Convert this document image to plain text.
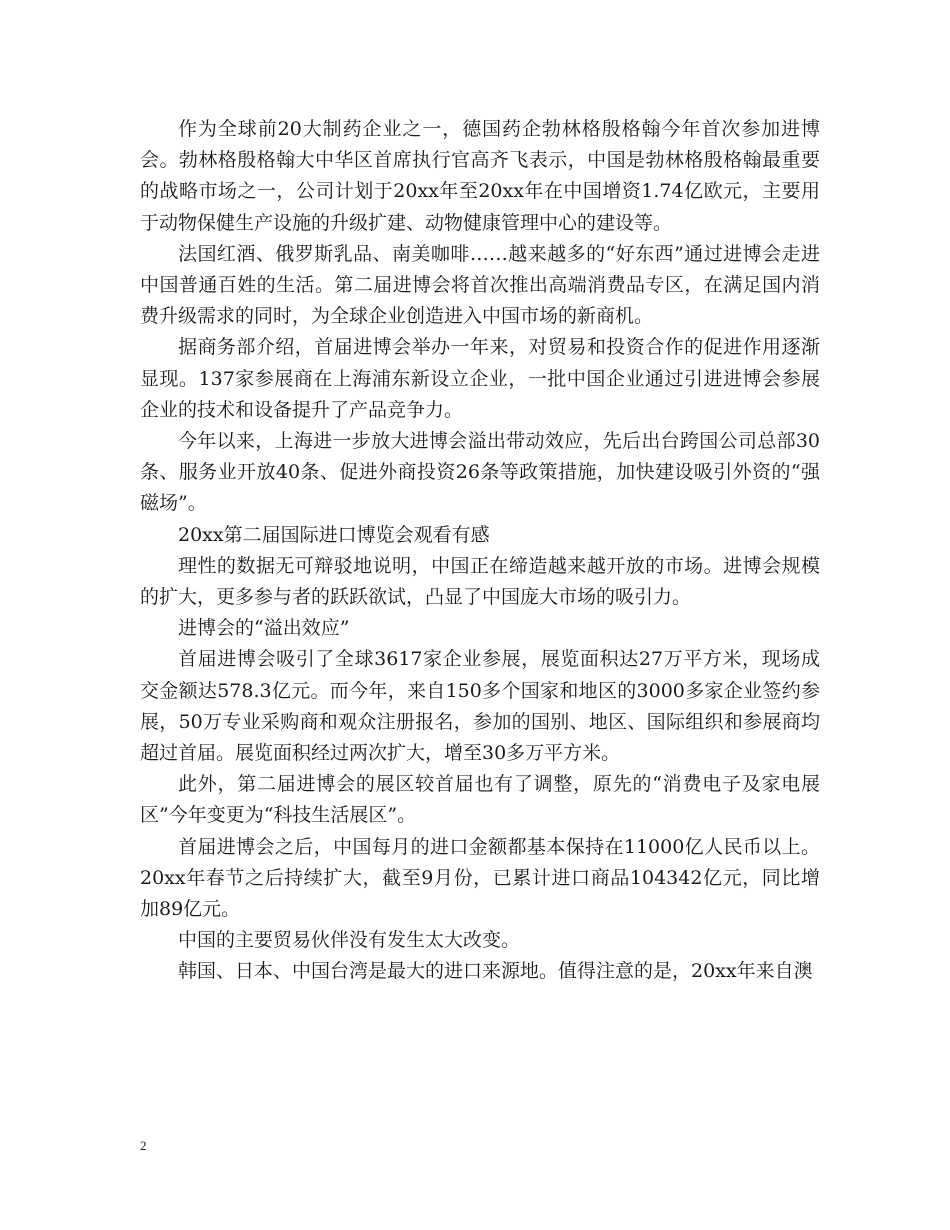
作为全球前20大制药企业之一，德国药企勃林格殷格翰今年首次参加进博会。勃林格殷格翰大中华区首席执行官高齐飞表示，中国是勃林格殷格翰最重要的战略市场之一，公司计划于20xx年至20xx年在中国增资1.74亿欧元，主要用于动物保健生产设施的升级扩建、动物健康管理中心的建设等。

法国红酒、俄罗斯乳品、南美咖啡……越来越多的“好东西”通过进博会走进中国普通百姓的生活。第二届进博会将首次推出高端消费品专区，在满足国内消费升级需求的同时，为全球企业创造进入中国市场的新商机。

据商务部介绍，首届进博会举办一年来，对贸易和投资合作的促进作用逐渐显现。137家参展商在上海浦东新设立企业，一批中国企业通过引进进博会参展企业的技术和设备提升了产品竞争力。

今年以来，上海进一步放大进博会溢出带动效应，先后出台跨国公司总部30条、服务业开放40条、促进外商投资26条等政策措施，加快建设吸引外资的“强磁场”。

20xx第二届国际进口博览会观看有感

理性的数据无可辩驳地说明，中国正在缔造越来越开放的市场。进博会规模的扩大，更多参与者的跃跃欲试，凸显了中国庞大市场的吸引力。

进博会的“溢出效应”

首届进博会吸引了全球3617家企业参展，展览面积达27万平方米，现场成交金额达578.3亿元。而今年，来自150多个国家和地区的3000多家企业签约参展，50万专业采购商和观众注册报名，参加的国别、地区、国际组织和参展商均超过首届。展览面积经过两次扩大，增至30多万平方米。

此外，第二届进博会的展区较首届也有了调整，原先的“消费电子及家电展区”今年变更为“科技生活展区”。

首届进博会之后，中国每月的进口金额都基本保持在11000亿人民币以上。20xx年春节之后持续扩大，截至9月份，已累计进口商品104342亿元，同比增加89亿元。

中国的主要贸易伙伴没有发生太大改变。

韩国、日本、中国台湾是最大的进口来源地。值得注意的是，20xx年来自澳

2
